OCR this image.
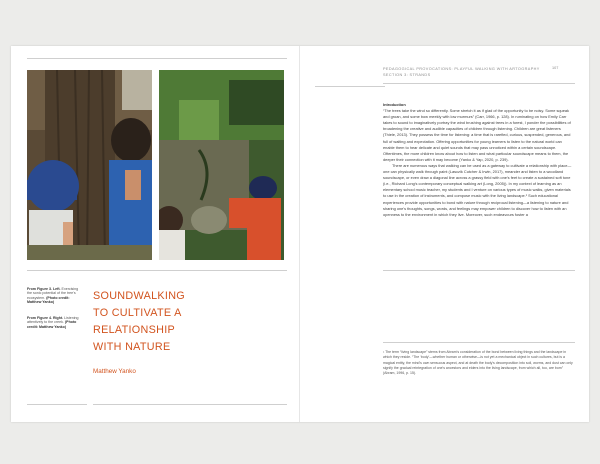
From Figure 3. Left. Exercising the sonic potential of the tree's ecosystem. (Photo credit: Matthew Yanko)
From Figure 4. Right. Listening attentively to the creek. (Photo credit: Matthew Yanko)
SOUNDWALKING
TO CULTIVATE A
RELATIONSHIP
WITH NATURE
Matthew Yanko
PEDAGOGICAL PROVOCATIONS: PLAYFUL WALKING WITH ARTOGRAPHY
SECTION 3: STRANDS
107

Introduction

“The trees take the wind so differently. Some stretch it as if glad of the opportunity to be noisy. Some squeak and groan, and some bow meekly with low murmurs” (Carr, 1966, p. 128). In ruminating on how Emily Carr takes to sound to imaginatively portray the wind brushing against trees in a forest, I ponder the possibilities of broadening the creative and audible capacities of children through listening. Children are great listeners (Thiele, 2013). They possess the time for listening: a time that is rarefied, curious, suspended, generous, and full of waiting and expectation. Offering opportunities for young learners to listen to the natural world can enable them to hear delicate and quiet sounds that may pass unnoticed within a certain soundscape. Oftentimes, the more children know about how to listen and what particular soundscape means to them, the deeper their connection with it may become (Yanko & Yap, 2020, p. 239).

There are numerous ways that walking can be used as a gateway to cultivate a relationship with place—one can physically walk through paint (Lasczik Cutcher & Irwin, 2017), meander and listen to a woodland soundscape, or even draw a diagonal line across a grassy field with one's feet to create a sustained soft tone (i.e., Richard Long's contemporary conceptual walking art (Long, 2005)). In my context of learning as an elementary school music teacher, my students and I venture on various types of music walks, given materials to use in the creation of instruments, and compose music with the living landscape.¹ Such educational experiences provide opportunities to bond with nature through reciprocal listening—a listening to nature and sharing one's thoughts, songs, words, and feelings may empower children to discover how to listen with an openness to the environment in which they live. Moreover, such endeavours foster a

¹ The term “living landscape” stems from Abram's consideration of the bond between living things and the landscape in which they reside. “The ‘body’—whether human or otherwise—is not yet a mechanical object in such cultures, but is a magical entity, the mind's own sensuous aspect, and at death the body's decomposition into soil, worms, and dust can only signify the gradual reintegration of one's ancestors and elders into the living landscape, from which all, too, are born” (Abram, 1996, p. 15).
